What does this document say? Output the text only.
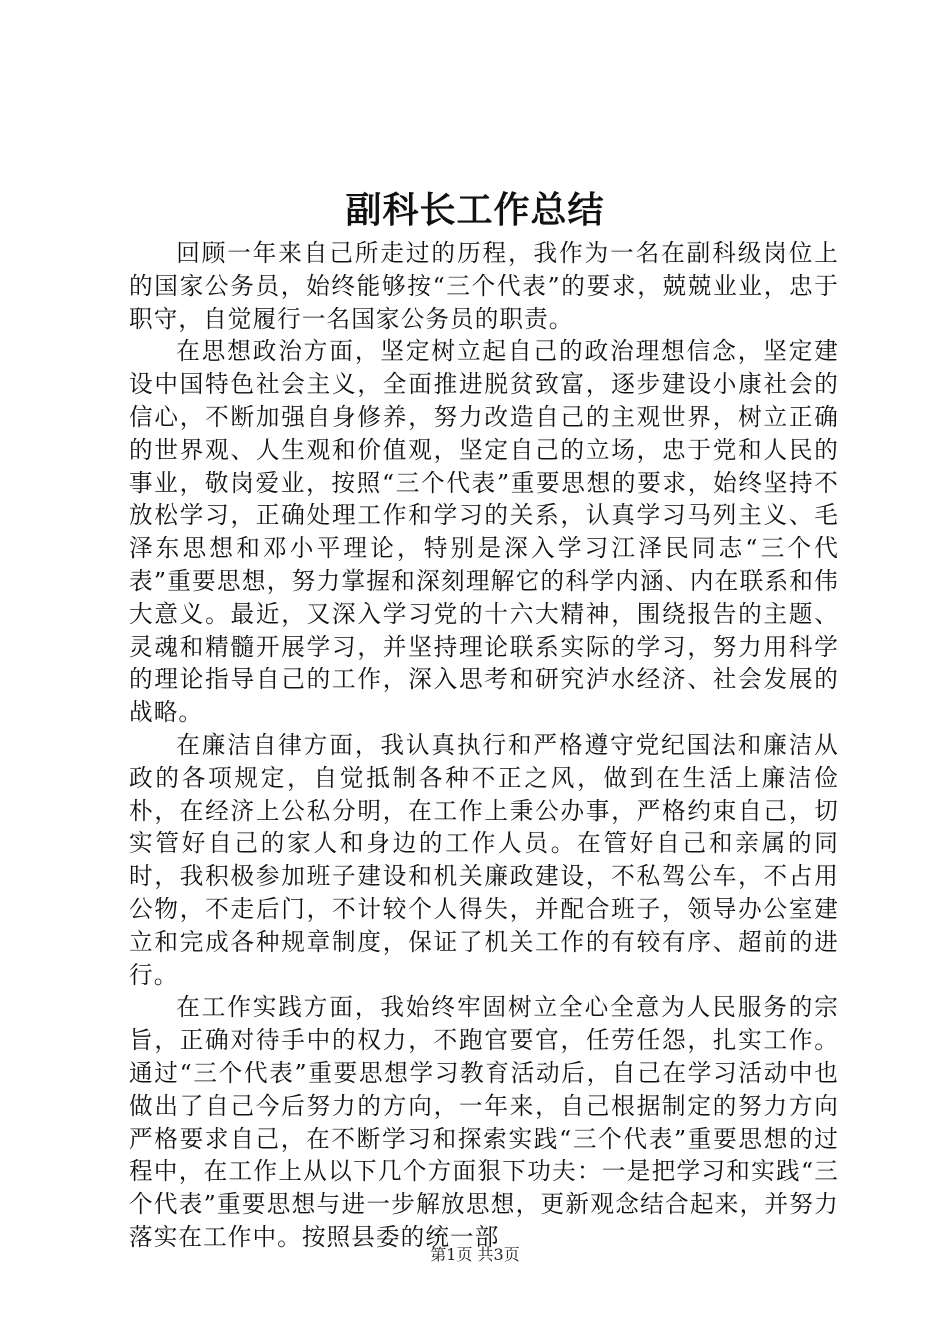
副科长工作总结

回顾一年来自己所走过的历程，我作为一名在副科级岗位上的国家公务员，始终能够按“三个代表”的要求，兢兢业业，忠于职守，自觉履行一名国家公务员的职责。

在思想政治方面，坚定树立起自己的政治理想信念，坚定建设中国特色社会主义，全面推进脱贫致富，逐步建设小康社会的信心，不断加强自身修养，努力改造自己的主观世界，树立正确的世界观、人生观和价值观，坚定自己的立场，忠于党和人民的事业，敬岗爱业，按照“三个代表”重要思想的要求，始终坚持不放松学习，正确处理工作和学习的关系，认真学习马列主义、毛泽东思想和邓小平理论，特别是深入学习江泽民同志“三个代表”重要思想，努力掌握和深刻理解它的科学内涵、内在联系和伟大意义。最近，又深入学习党的十六大精神，围绕报告的主题、灵魂和精髓开展学习，并坚持理论联系实际的学习，努力用科学的理论指导自己的工作，深入思考和研究泸水经济、社会发展的战略。

在廉洁自律方面，我认真执行和严格遵守党纪国法和廉洁从政的各项规定，自觉抵制各种不正之风，做到在生活上廉洁俭朴，在经济上公私分明，在工作上秉公办事，严格约束自己，切实管好自己的家人和身边的工作人员。在管好自己和亲属的同时，我积极参加班子建设和机关廉政建设，不私驾公车，不占用公物，不走后门，不计较个人得失，并配合班子，领导办公室建立和完成各种规章制度，保证了机关工作的有较有序、超前的进行。

在工作实践方面，我始终牢固树立全心全意为人民服务的宗旨，正确对待手中的权力，不跑官要官，任劳任怨，扎实工作。通过“三个代表”重要思想学习教育活动后，自己在学习活动中也做出了自己今后努力的方向，一年来，自己根据制定的努力方向严格要求自己，在不断学习和探索实践“三个代表”重要思想的过程中，在工作上从以下几个方面狠下功夫：一是把学习和实践“三个代表”重要思想与进一步解放思想，更新观念结合起来，并努力落实在工作中。按照县委的统一部

第1页 共3页
